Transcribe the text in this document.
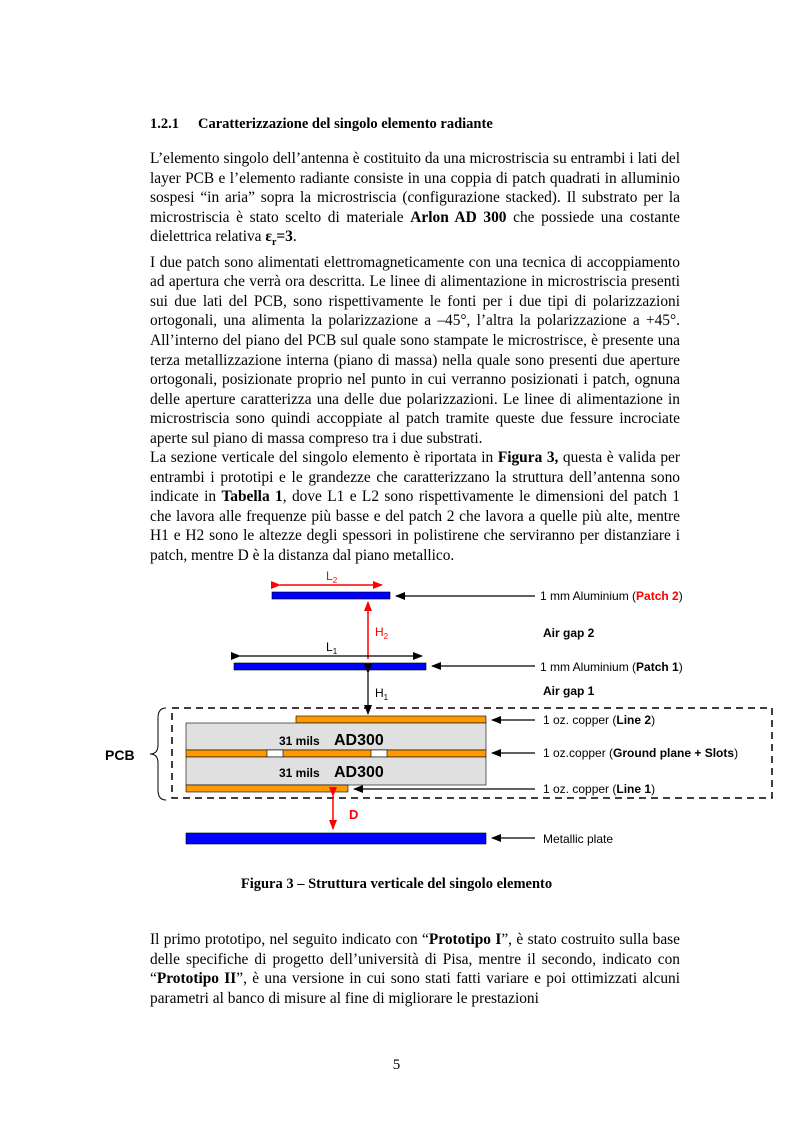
1.2.1 Caratterizzazione del singolo elemento radiante

L’elemento singolo dell’antenna è costituito da una microstriscia su entrambi i lati del layer PCB e l’elemento radiante consiste in una coppia di patch quadrati in alluminio sospesi “in aria” sopra la microstriscia (configurazione stacked). Il substrato per la microstriscia è stato scelto di materiale Arlon AD 300 che possiede una costante dielettrica relativa $\varepsilon_r=3$.

I due patch sono alimentati elettromagneticamente con una tecnica di accoppiamento ad apertura che verrà ora descritta. Le linee di alimentazione in microstriscia presenti sui due lati del PCB, sono rispettivamente le fonti per i due tipi di polarizzazioni ortogonali, una alimenta la polarizzazione a –45°, l’altra la polarizzazione a +45°. All’interno del piano del PCB sul quale sono stampate le microstrisce, è presente una terza metallizzazione interna (piano di massa) nella quale sono presenti due aperture ortogonali, posizionate proprio nel punto in cui verranno posizionati i patch, ognuna delle aperture caratterizza una delle due polarizzazioni. Le linee di alimentazione in microstriscia sono quindi accoppiate al patch tramite queste due fessure incrociate aperte sul piano di massa compreso tra i due substrati.

La sezione verticale del singolo elemento è riportata in Figura 3, questa è valida per entrambi i prototipi e le grandezze che caratterizzano la struttura dell’antenna sono indicate in Tabella 1, dove L1 e L2 sono rispettivamente le dimensioni del patch 1 che lavora alle frequenze più basse e del patch 2 che lavora a quelle più alte, mentre H1 e H2 sono le altezze degli spessori in polistirene che serviranno per distanziare i patch, mentre D è la distanza dal piano metallico.

$L_2$
1 mm Aluminium (Patch 2)
$H_2$	Air gap 2
$L_1$
1 mm Aluminium (Patch 1)
$H_1$	Air gap 1
PCB
1 oz. copper (Line 2)
31 mils AD300
1 oz.copper (Ground plane + Slots)
31 mils AD300
1 oz. copper (Line 1)
D
Metallic plate
Figura 3 – Struttura verticale del singolo elemento

Il primo prototipo, nel seguito indicato con “Prototipo I”, è stato costruito sulla base delle specifiche di progetto dell’università di Pisa, mentre il secondo, indicato con “Prototipo II”, è una versione in cui sono stati fatti variare e poi ottimizzati alcuni parametri al banco di misure al fine di migliorare le prestazioni

5
